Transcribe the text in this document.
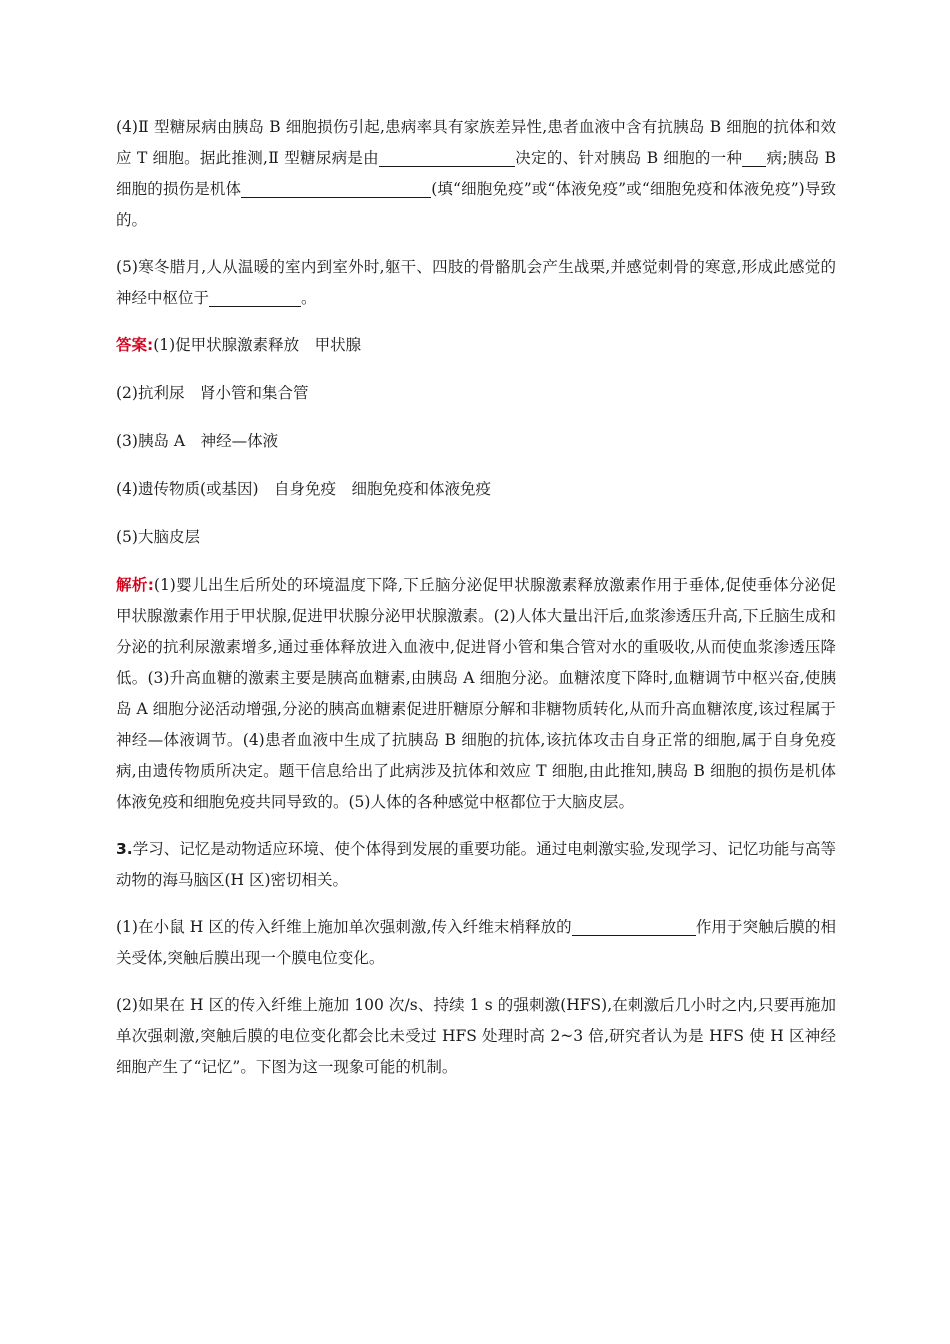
(4)Ⅱ 型糖尿病由胰岛 B 细胞损伤引起,患病率具有家族差异性,患者血液中含有抗胰岛 B 细胞的抗体和效应 T 细胞。据此推测,Ⅱ 型糖尿病是由	决定的、针对胰岛 B 细胞的一种 病;胰岛 B 细胞的损伤是机体	(填“细胞免疫”或“体液免疫”或“细胞免疫和体液免疫”)导致的。

(5)寒冬腊月,人从温暖的室内到室外时,躯干、四肢的骨骼肌会产生战栗,并感觉刺骨的寒意,形成此感觉的神经中枢位于	。

答案:(1)促甲状腺激素释放　甲状腺

(2)抗利尿　肾小管和集合管

(3)胰岛 A　神经—体液

(4)遗传物质(或基因)　自身免疫　细胞免疫和体液免疫

(5)大脑皮层

解析:(1)婴儿出生后所处的环境温度下降,下丘脑分泌促甲状腺激素释放激素作用于垂体,促使垂体分泌促甲状腺激素作用于甲状腺,促进甲状腺分泌甲状腺激素。(2)人体大量出汗后,血浆渗透压升高,下丘脑生成和分泌的抗利尿激素增多,通过垂体释放进入血液中,促进肾小管和集合管对水的重吸收,从而使血浆渗透压降低。(3)升高血糖的激素主要是胰高血糖素,由胰岛 A 细胞分泌。血糖浓度下降时,血糖调节中枢兴奋,使胰岛 A 细胞分泌活动增强,分泌的胰高血糖素促进肝糖原分解和非糖物质转化,从而升高血糖浓度,该过程属于神经—体液调节。(4)患者血液中生成了抗胰岛 B 细胞的抗体,该抗体攻击自身正常的细胞,属于自身免疫病,由遗传物质所决定。题干信息给出了此病涉及抗体和效应 T 细胞,由此推知,胰岛 B 细胞的损伤是机体体液免疫和细胞免疫共同导致的。(5)人体的各种感觉中枢都位于大脑皮层。

3.学习、记忆是动物适应环境、使个体得到发展的重要功能。通过电刺激实验,发现学习、记忆功能与高等动物的海马脑区(H 区)密切相关。

(1)在小鼠 H 区的传入纤维上施加单次强刺激,传入纤维末梢释放的	作用于突触后膜的相关受体,突触后膜出现一个膜电位变化。

(2)如果在 H 区的传入纤维上施加 100 次/s、持续 1 s 的强刺激(HFS),在刺激后几小时之内,只要再施加单次强刺激,突触后膜的电位变化都会比未受过 HFS 处理时高 2~3 倍,研究者认为是 HFS 使 H 区神经细胞产生了“记忆”。下图为这一现象可能的机制。
